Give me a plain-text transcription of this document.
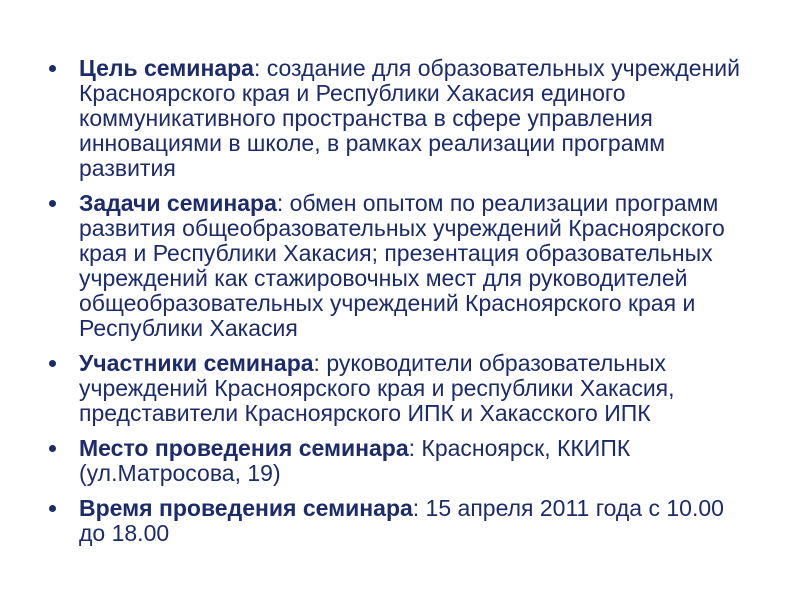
Цель семинара: создание для образовательных учреждений Красноярского края и Республики Хакасия единого коммуникативного пространства в сфере управления инновациями в школе, в рамках реализации программ развития
Задачи семинара: обмен опытом по реализации программ развития общеобразовательных учреждений Красноярского края и Республики Хакасия; презентация образовательных учреждений как стажировочных мест для руководителей общеобразовательных учреждений Красноярского края и Республики Хакасия
Участники семинара: руководители образовательных учреждений Красноярского края и республики Хакасия, представители Красноярского ИПК и Хакасского ИПК
Место проведения семинара: Красноярск, ККИПК (ул.Матросова, 19)
Время проведения семинара: 15 апреля 2011 года с 10.00 до 18.00
